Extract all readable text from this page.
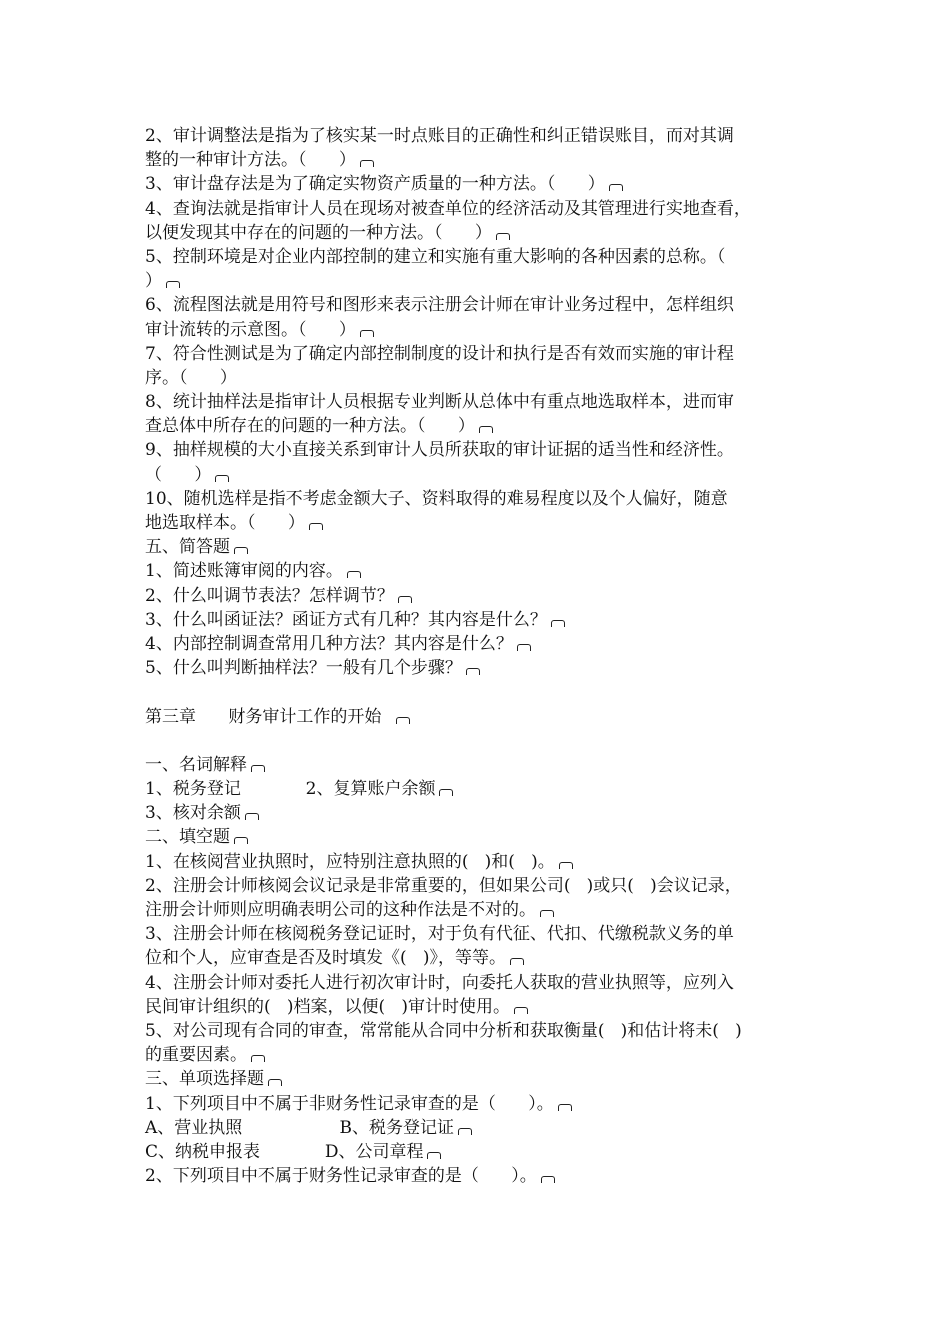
2、审计调整法是指为了核实某一时点账目的正确性和纠正错误账目，而对其调
整的一种审计方法。（      ）
3、审计盘存法是为了确定实物资产质量的一种方法。（      ）
4、查询法就是指审计人员在现场对被查单位的经济活动及其管理进行实地查看，
以便发现其中存在的问题的一种方法。（      ）
5、控制环境是对企业内部控制的建立和实施有重大影响的各种因素的总称。（
）
6、流程图法就是用符号和图形来表示注册会计师在审计业务过程中，怎样组织
审计流转的示意图。（      ）
7、符合性测试是为了确定内部控制制度的设计和执行是否有效而实施的审计程
序。（      ）
8、统计抽样法是指审计人员根据专业判断从总体中有重点地选取样本，进而审
查总体中所存在的问题的一种方法。（      ）
9、抽样规模的大小直接关系到审计人员所获取的审计证据的适当性和经济性。
（      ）
10、随机选样是指不考虑金额大子、资料取得的难易程度以及个人偏好，随意
地选取样本。（      ）
五、简答题
1、简述账簿审阅的内容。
2、什么叫调节表法？怎样调节？
3、什么叫函证法？函证方式有几种？其内容是什么？
4、内部控制调查常用几种方法？其内容是什么？
5、什么叫判断抽样法？一般有几个步骤？
第三章      财务审计工作的开始
一、名词解释
1、税务登记            2、复算账户余额
3、核对余额
二、填空题
1、在核阅营业执照时，应特别注意执照的(   )和(   )。
2、注册会计师核阅会议记录是非常重要的，但如果公司(   )或只(   )会议记录，
注册会计师则应明确表明公司的这种作法是不对的。
3、注册会计师在核阅税务登记证时，对于负有代征、代扣、代缴税款义务的单
位和个人，应审查是否及时填发《(   )》，等等。
4、注册会计师对委托人进行初次审计时，向委托人获取的营业执照等，应列入
民间审计组织的(   )档案，以便(   )审计时使用。
5、对公司现有合同的审查，常常能从合同中分析和获取衡量(   )和估计将未(   )
的重要因素。
三、单项选择题
1、下列项目中不属于非财务性记录审查的是（      ）。
A、营业执照                  B、税务登记证
C、纳税申报表            D、公司章程
2、下列项目中不属于财务性记录审查的是（      ）。
